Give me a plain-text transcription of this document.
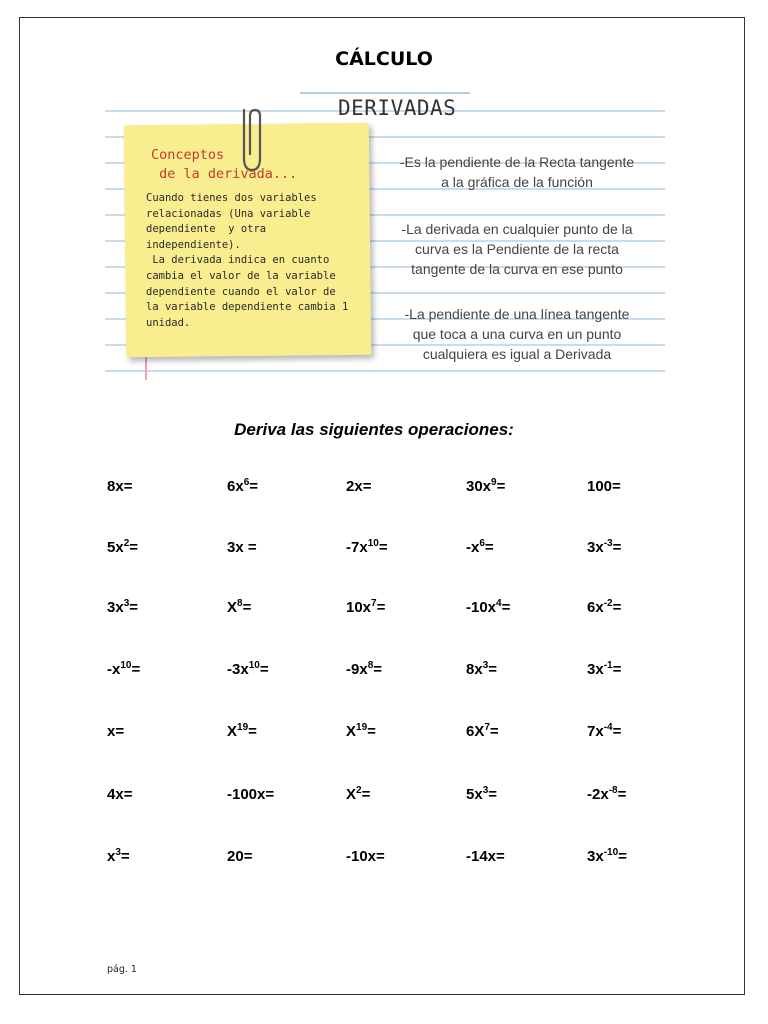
CÁLCULO
DERIVADAS
Conceptos
de la derivada...
Cuando tienes dos variables
relacionadas (Una variable
dependiente  y otra
independiente).
La derivada indica en cuanto
cambia el valor de la variable
dependiente cuando el valor de
la variable dependiente cambia 1
unidad.
-Es la pendiente de la Recta tangente
a la gráfica de la función
-La derivada en cualquier punto de la
curva es la Pendiente de la recta
tangente de la curva en ese punto
-La pendiente de una línea tangente
que toca a una curva en un punto
cualquiera es igual a Derivada
Deriva las siguientes operaciones:
8x=	$6x^6=$	2x=	$30x^9=$	100=
$5x^2=$	3x =	$-7x^{10}=$	$-x^6=$	$3x^{-3}=$
$3x^3=$	$X^8=$	$10x^7=$	$-10x^4=$	$6x^{-2}=$
$-x^{10}=$	$-3x^{10}=$	$-9x^8=$	$8x^3=$	$3x^{-1}=$
x=	$X^{19}=$	$X^{19}=$	$6X^7=$	$7x^{-4}=$
4x=	-100x=	$X^2=$	$5x^3=$	$-2x^{-8}=$
$x^3=$	20=	-10x=	-14x=	$3x^{-10}=$
pág. 1
